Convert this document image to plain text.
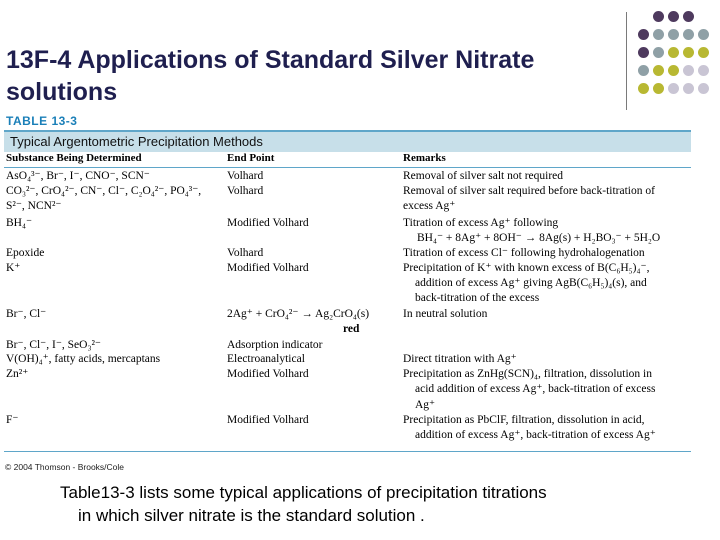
13F-4 Applications of Standard Silver Nitrate
solutions
TABLE 13-3
Typical Argentometric Precipitation Methods
Substance Being Determined	End Point	Remarks
AsO₄³⁻, Br⁻, I⁻, CNO⁻, SCN⁻	Volhard	Removal of silver salt not required
CO₃²⁻, CrO₄²⁻, CN⁻, Cl⁻, C₂O₄²⁻, PO₄³⁻, Volhard	Removal of silver salt required before back-titration of
S²⁻, NCN²⁻	excess Ag⁺
BH₄⁻	Modified Volhard	Titration of excess Ag⁺ following
BH₄⁻ + 8Ag⁺ + 8OH⁻ → 8Ag(s) + H₂BO₃⁻ + 5H₂O
Epoxide	Volhard	Titration of excess Cl⁻ following hydrohalogenation
K⁺	Modified Volhard	Precipitation of K⁺ with known excess of B(C₆H₅)₄⁻,
addition of excess Ag⁺ giving AgB(C₆H₅)₄(s), and
back-titration of the excess
Br⁻, Cl⁻	2Ag⁺ + CrO₄²⁻ → Ag₂CrO₄(s)	In neutral solution
red
Br⁻, Cl⁻, I⁻, SeO₃²⁻	Adsorption indicator
V(OH)₄⁺, fatty acids, mercaptans	Electroanalytical	Direct titration with Ag⁺
Zn²⁺	Modified Volhard	Precipitation as ZnHg(SCN)₄, filtration, dissolution in
acid addition of excess Ag⁺, back-titration of excess
Ag⁺
F⁻	Modified Volhard	Precipitation as PbClF, filtration, dissolution in acid,
addition of excess Ag⁺, back-titration of excess Ag⁺
© 2004 Thomson - Brooks/Cole
Table13-3 lists some typical applications of precipitation titrations
in which silver nitrate is the standard solution .
